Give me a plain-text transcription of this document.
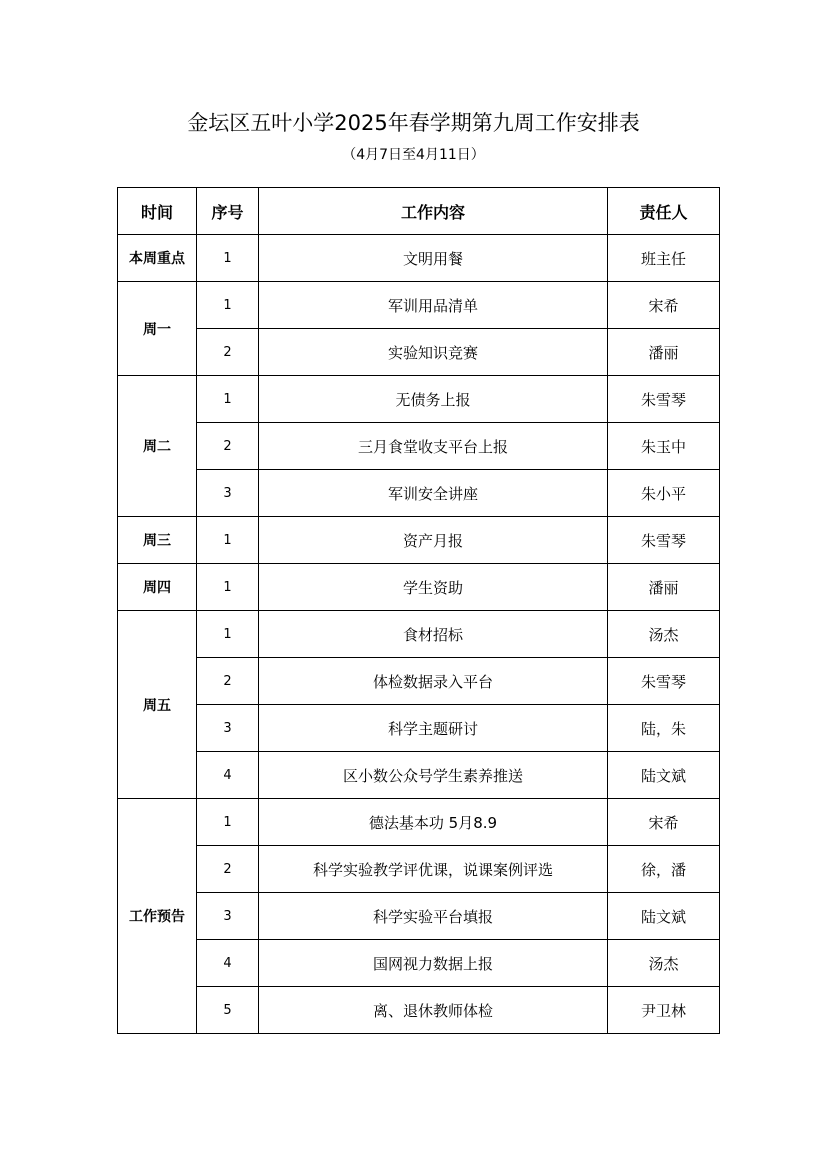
金坛区五叶小学2025年春学期第九周工作安排表
（4月7日至4月11日）
时间	序号	工作内容	责任人
本周重点	1	文明用餐	班主任
周一	1	军训用品清单	宋希
	2	实验知识竞赛	潘丽
周二	1	无债务上报	朱雪琴
	2	三月食堂收支平台上报	朱玉中
	3	军训安全讲座	朱小平
周三	1	资产月报	朱雪琴
周四	1	学生资助	潘丽
周五	1	食材招标	汤杰
	2	体检数据录入平台	朱雪琴
	3	科学主题研讨	陆，朱
	4	区小数公众号学生素养推送	陆文斌
工作预告	1	德法基本功 5月8.9	宋希
	2	科学实验教学评优课，说课案例评选	徐，潘
	3	科学实验平台填报	陆文斌
	4	国网视力数据上报	汤杰
	5	离、退休教师体检	尹卫林
